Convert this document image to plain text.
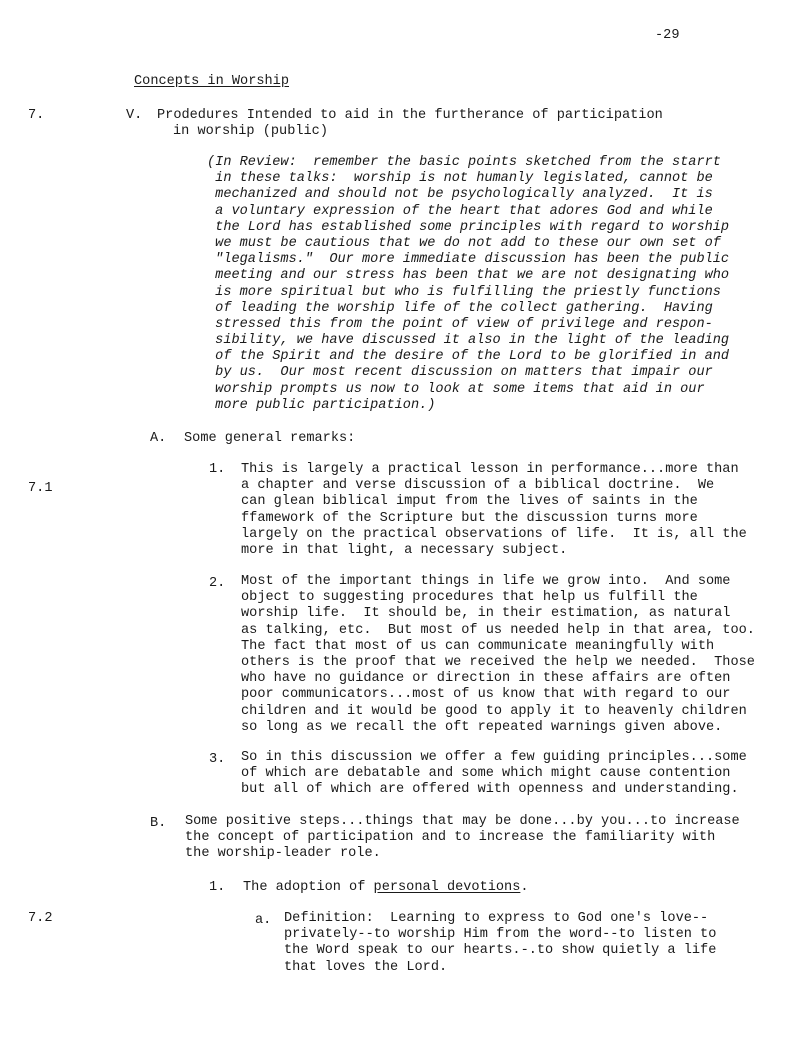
-29
Concepts in Worship
7.
7.1
7.2
V. Prodedures Intended to aid in the furtherance of participation
in worship (public)
(In Review:  remember the basic points sketched from the starrt
in these talks:  worship is not humanly legislated, cannot be
mechanized and should not be psychologically analyzed.  It is
a voluntary expression of the heart that adores God and while
the Lord has established some principles with regard to worship
we must be cautious that we do not add to these our own set of
"legalisms."  Our more immediate discussion has been the public
meeting and our stress has been that we are not designating who
is more spiritual but who is fulfilling the priestly functions
of leading the worship life of the collect gathering.  Having
stressed this from the point of view of privilege and respon-
sibility, we have discussed it also in the light of the leading
of the Spirit and the desire of the Lord to be glorified in and
by us.  Our most recent discussion on matters that impair our
worship prompts us now to look at some items that aid in our
more public participation.)
A. Some general remarks:
1. This is largely a practical lesson in performance...more than
a chapter and verse discussion of a biblical doctrine.  We
can glean biblical imput from the lives of saints in the
ffamework of the Scripture but the discussion turns more
largely on the practical observations of life.  It is, all the
more in that light, a necessary subject.
2. Most of the important things in life we grow into.  And some
object to suggesting procedures that help us fulfill the
worship life.  It should be, in their estimation, as natural
as talking, etc.  But most of us needed help in that area, too.
The fact that most of us can communicate meaningfully with
others is the proof that we received the help we needed.  Those
who have no guidance or direction in these affairs are often
poor communicators...most of us know that with regard to our
children and it would be good to apply it to heavenly children
so long as we recall the oft repeated warnings given above.
3. So in this discussion we offer a few guiding principles...some
of which are debatable and some which might cause contention
but all of which are offered with openness and understanding.
B. Some positive steps...things that may be done...by you...to increase
the concept of participation and to increase the familiarity with
the worship-leader role.
1. The adoption of personal devotions.
a. Definition:  Learning to express to God one's love--
privately--to worship Him from the word--to listen to
the Word speak to our hearts.-.to show quietly a life
that loves the Lord.
